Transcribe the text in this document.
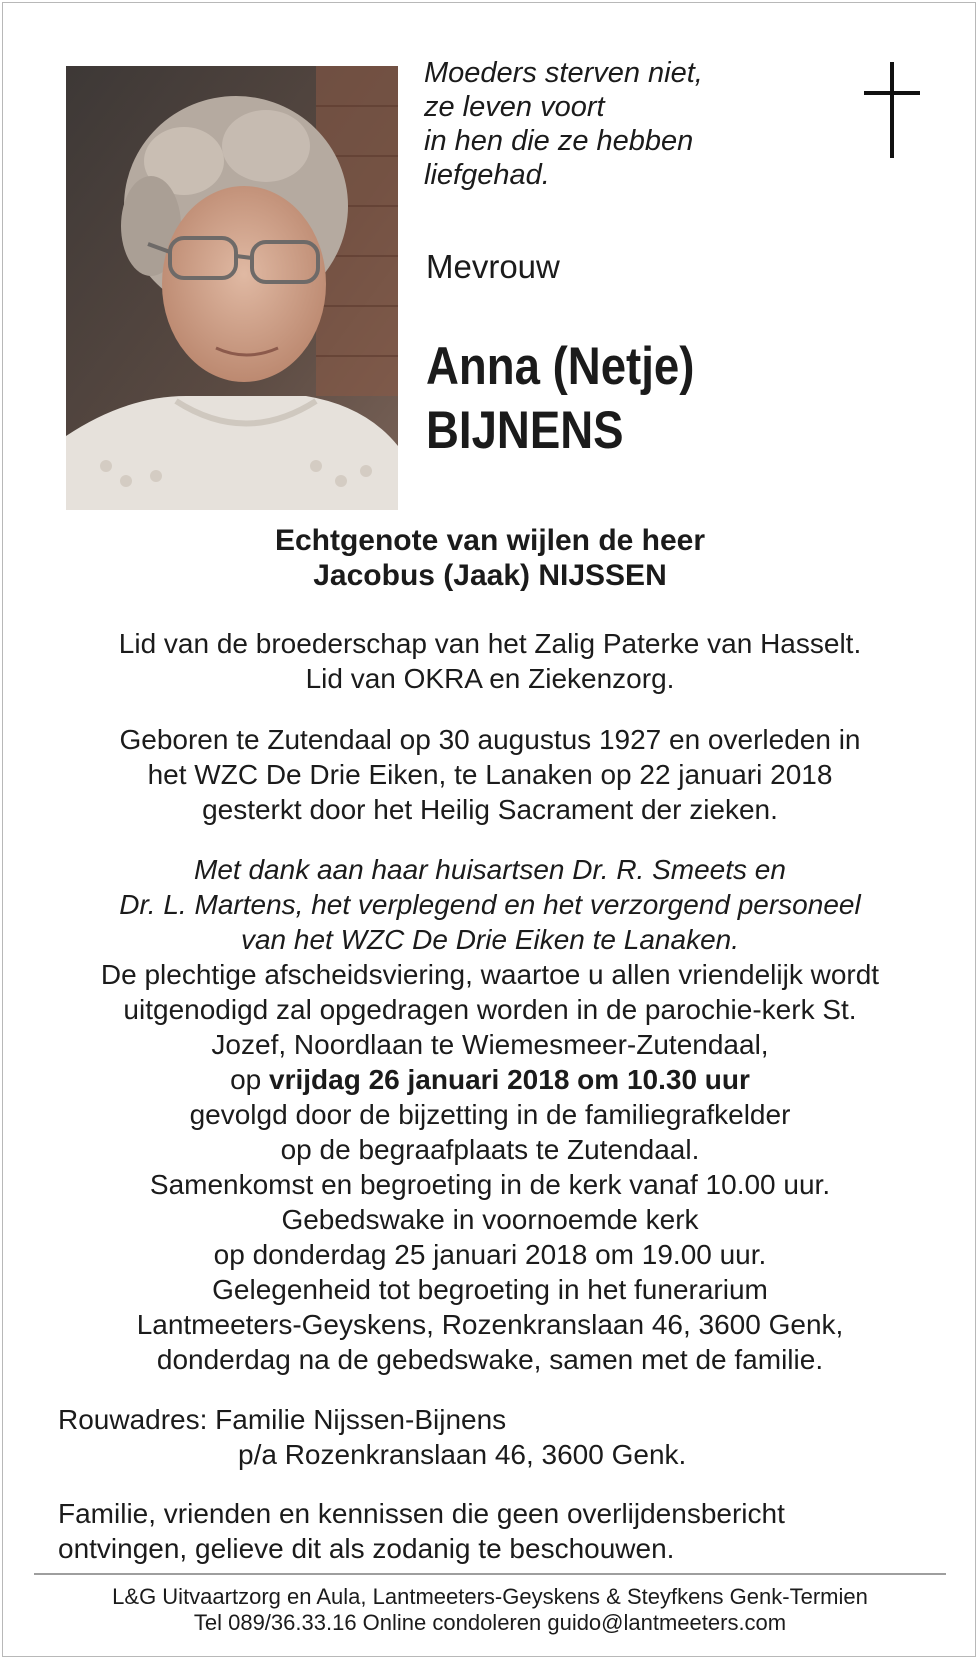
Moeders sterven niet,
ze leven voort
in hen die ze hebben
liefgehad.
Mevrouw
Anna (Netje)
BIJNENS
Echtgenote van wijlen de heer
Jacobus (Jaak) NIJSSEN
Lid van de broederschap van het Zalig Paterke van Hasselt.
Lid van OKRA en Ziekenzorg.
Geboren te Zutendaal op 30 augustus 1927 en overleden in
het WZC De Drie Eiken, te Lanaken op 22 januari 2018
gesterkt door het Heilig Sacrament der zieken.
Met dank aan haar huisartsen Dr. R. Smeets en
Dr. L. Martens, het verplegend en het verzorgend personeel
van het WZC De Drie Eiken te Lanaken.
De plechtige afscheidsviering, waartoe u allen vriendelijk wordt
uitgenodigd zal opgedragen worden in de parochie-kerk St.
Jozef, Noordlaan te Wiemesmeer-Zutendaal,
op vrijdag 26 januari 2018 om 10.30 uur
gevolgd door de bijzetting in de familiegrafkelder
op de begraafplaats te Zutendaal.
Samenkomst en begroeting in de kerk vanaf 10.00 uur.
Gebedswake in voornoemde kerk
op donderdag 25 januari 2018 om 19.00 uur.
Gelegenheid tot begroeting in het funerarium
Lantmeeters-Geyskens, Rozenkranslaan 46, 3600 Genk,
donderdag na de gebedswake, samen met de familie.
Rouwadres: Familie Nijssen-Bijnens
p/a Rozenkranslaan 46, 3600 Genk.
Familie, vrienden en kennissen die geen overlijdensbericht
ontvingen, gelieve dit als zodanig te beschouwen.
L&G Uitvaartzorg en Aula, Lantmeeters-Geyskens & Steyfkens Genk-Termien
Tel 089/36.33.16 Online condoleren guido@lantmeeters.com
